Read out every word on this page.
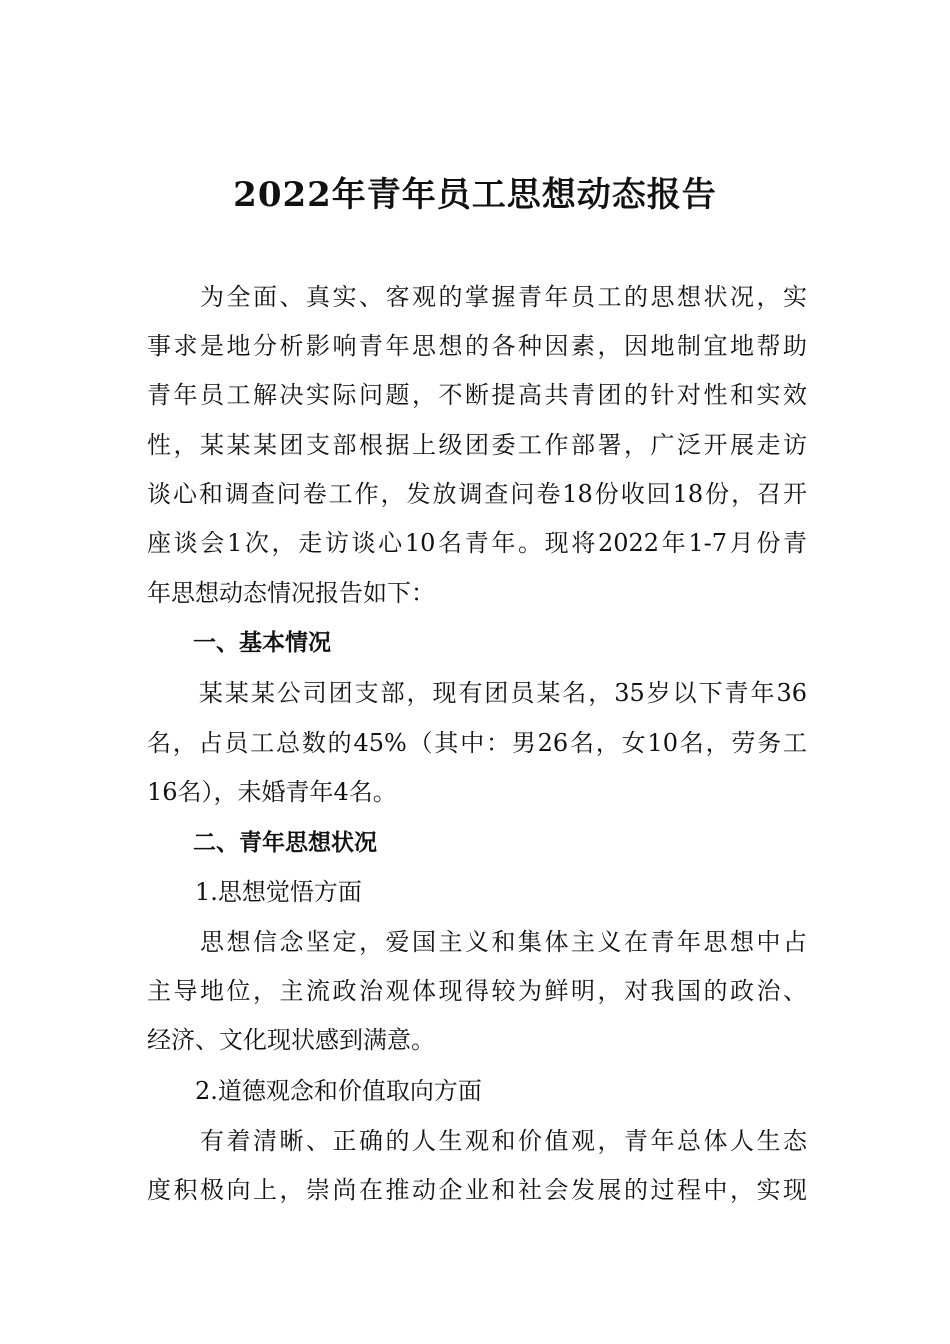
2022年青年员工思想动态报告

　　为全面、真实、客观的掌握青年员工的思想状况，实

事求是地分析影响青年思想的各种因素，因地制宜地帮助

青年员工解决实际问题，不断提高共青团的针对性和实效

性，某某某团支部根据上级团委工作部署，广泛开展走访

谈心和调查问卷工作，发放调查问卷18份收回18份，召开

座谈会1次，走访谈心10名青年。现将2022年1-7月份青

年思想动态情况报告如下：

　　一、基本情况

　　某某某公司团支部，现有团员某名，35岁以下青年36

名，占员工总数的45%（其中：男26名，女10名，劳务工

16名），未婚青年4名。

　　二、青年思想状况

　　1.思想觉悟方面

　　思想信念坚定，爱国主义和集体主义在青年思想中占

主导地位，主流政治观体现得较为鲜明，对我国的政治、

经济、文化现状感到满意。

　　2.道德观念和价值取向方面

　　有着清晰、正确的人生观和价值观，青年总体人生态

度积极向上，崇尚在推动企业和社会发展的过程中，实现
